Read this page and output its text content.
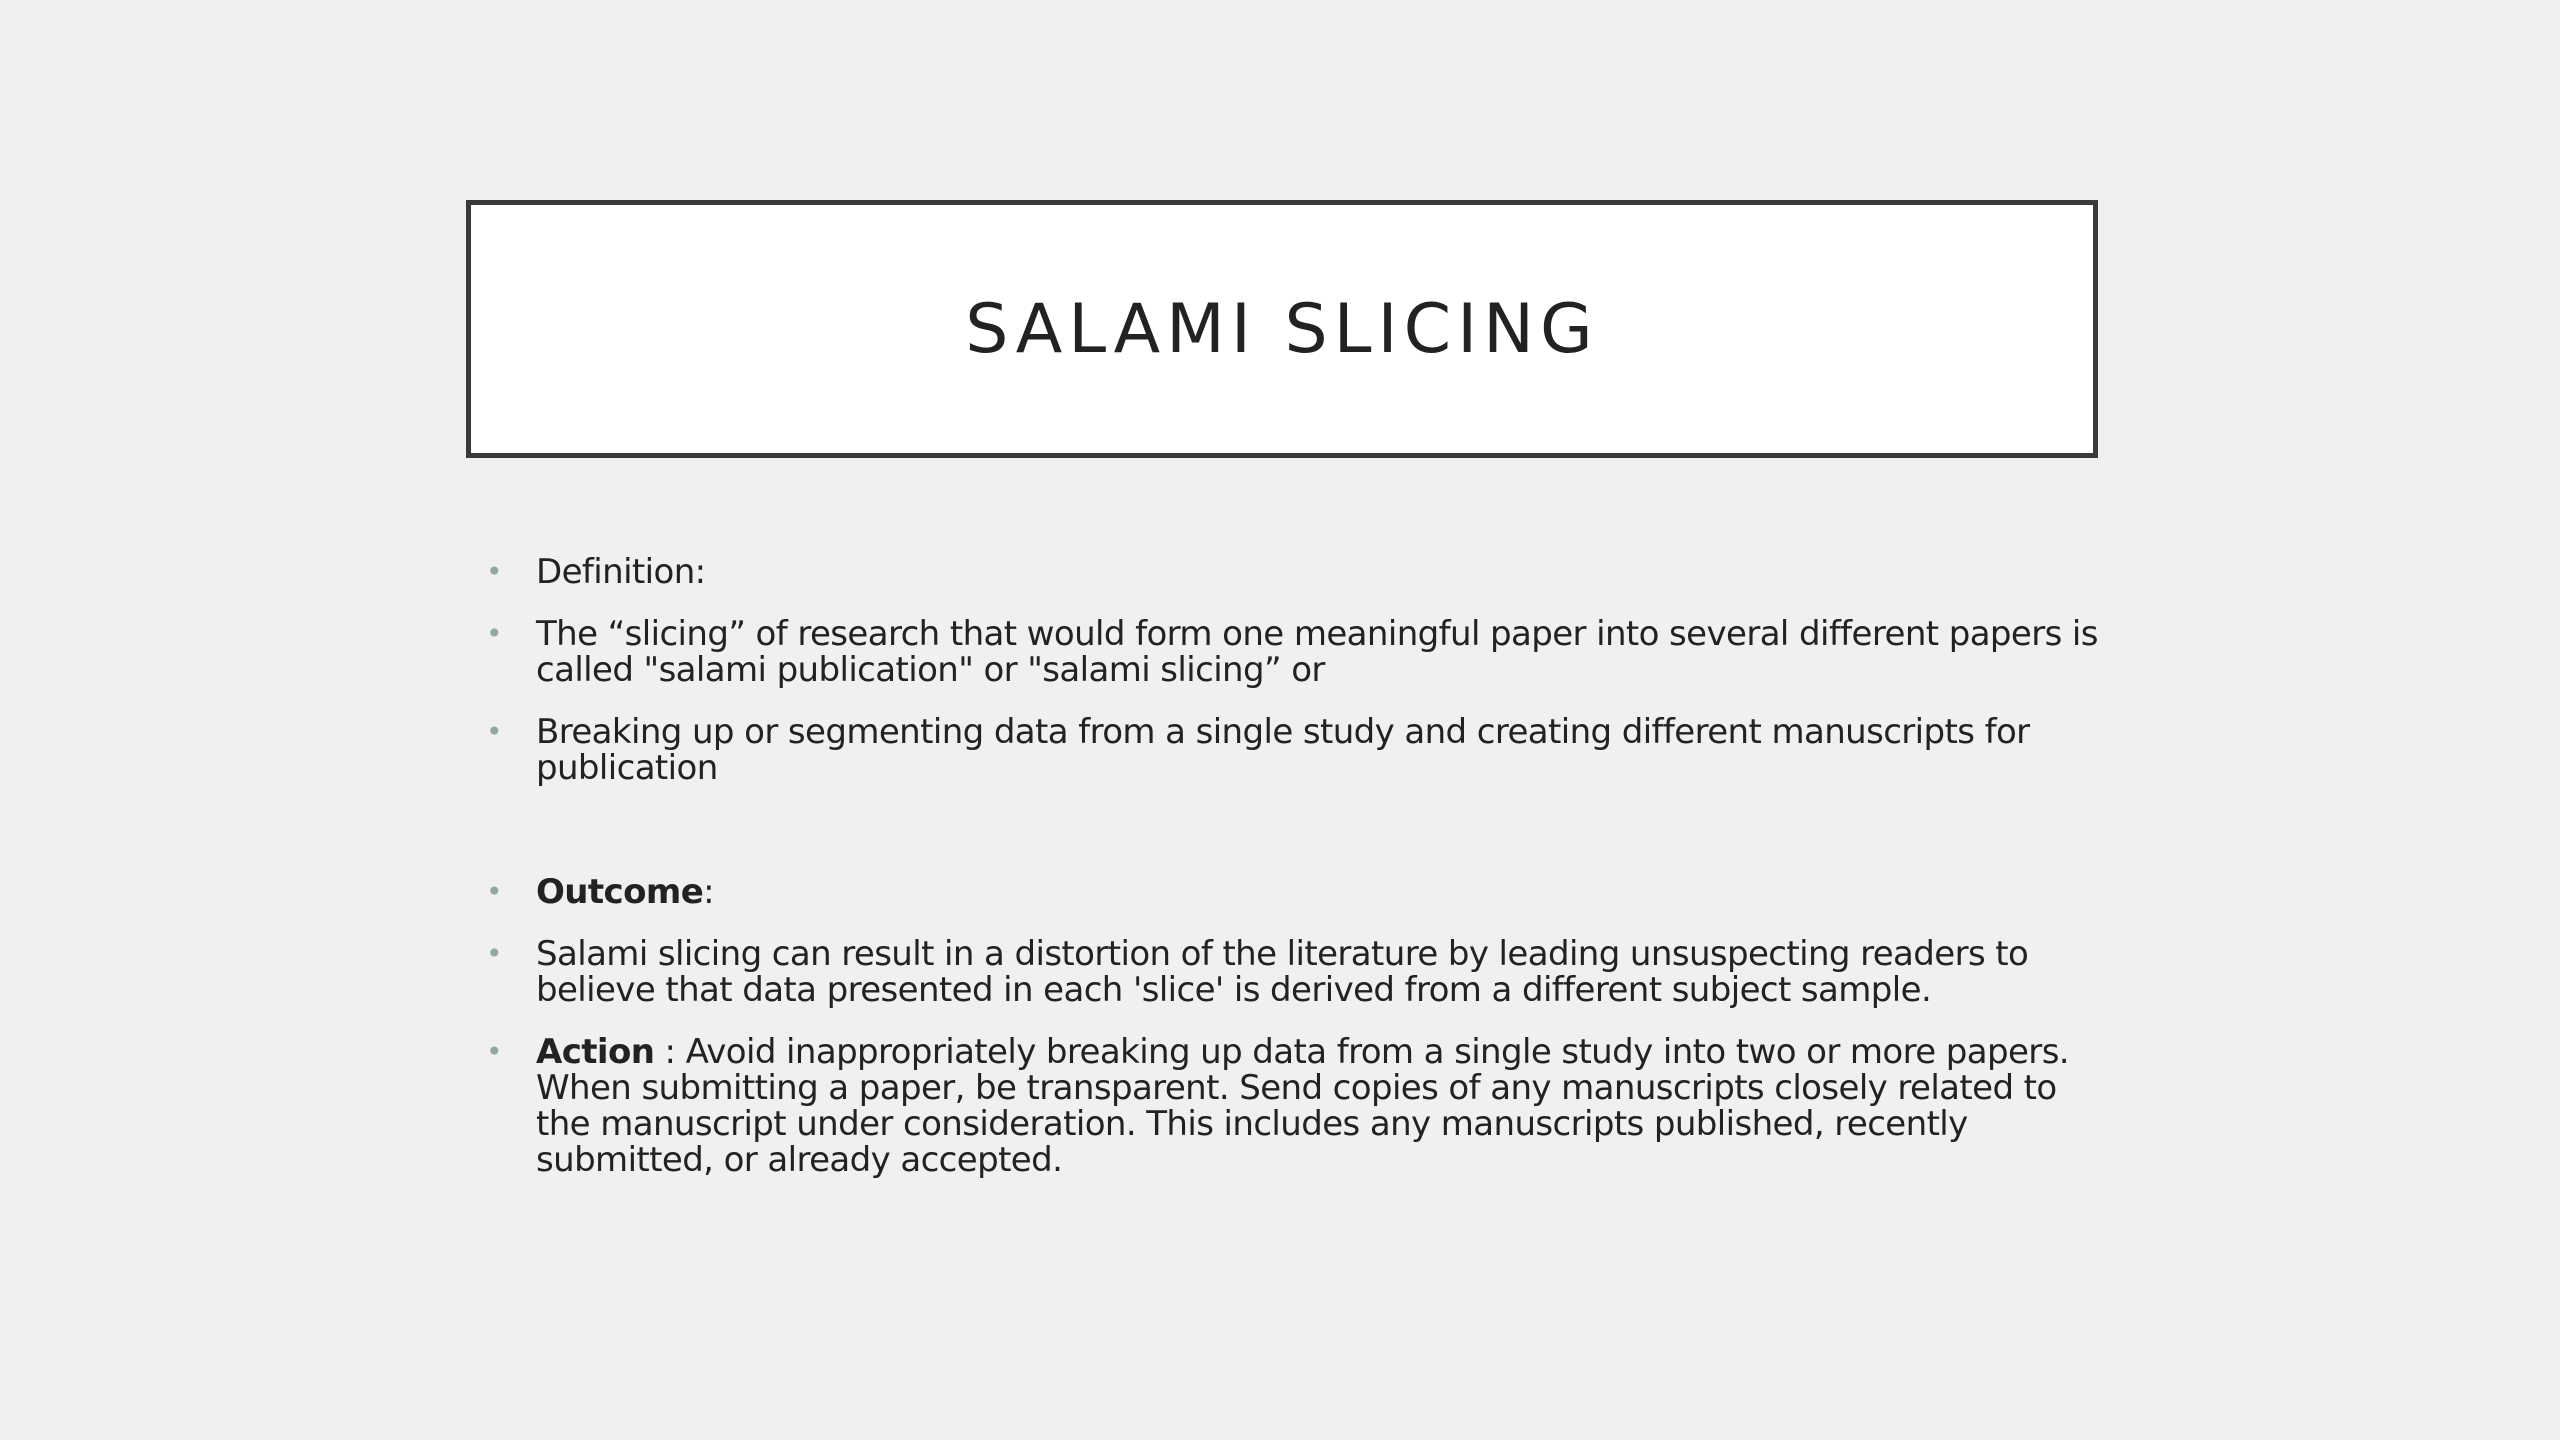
SALAMI SLICING
• Definition:
• The “slicing” of research that would form one meaningful paper into several different papers is called "salami publication" or "salami slicing” or
• Breaking up or segmenting data from a single study and creating different manuscripts for publication
• Outcome:
• Salami slicing can result in a distortion of the literature by leading unsuspecting readers to believe that data presented in each 'slice' is derived from a different subject sample.
• Action : Avoid inappropriately breaking up data from a single study into two or more papers. When submitting a paper, be transparent. Send copies of any manuscripts closely related to the manuscript under consideration. This includes any manuscripts published, recently submitted, or already accepted.
